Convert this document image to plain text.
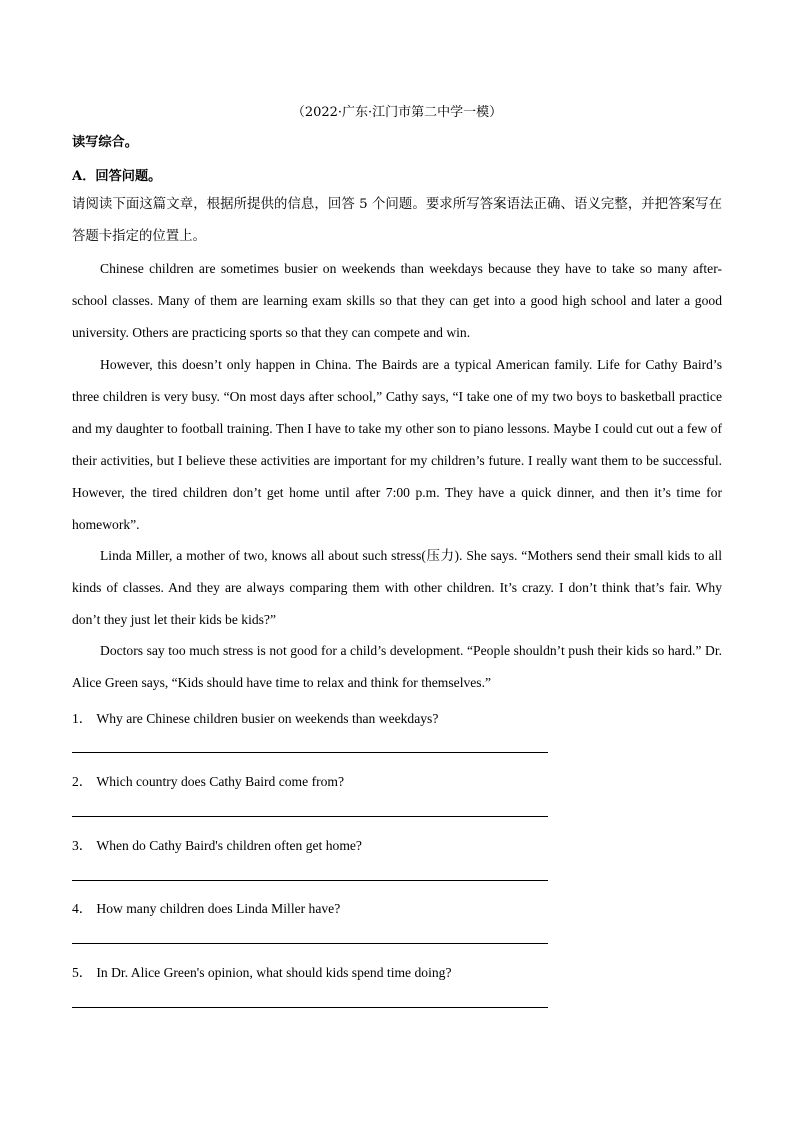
（2022·广东·江门市第二中学一模）
读写综合。
A．回答问题。
请阅读下面这篇文章，根据所提供的信息，回答 5 个问题。要求所写答案语法正确、语义完整，并把答案写在答题卡指定的位置上。
Chinese children are sometimes busier on weekends than weekdays because they have to take so many after-school classes. Many of them are learning exam skills so that they can get into a good high school and later a good university. Others are practicing sports so that they can compete and win.
However, this doesn’t only happen in China. The Bairds are a typical American family. Life for Cathy Baird’s three children is very busy. “On most days after school,” Cathy says, “I take one of my two boys to basketball practice and my daughter to football training. Then I have to take my other son to piano lessons. Maybe I could cut out a few of their activities, but I believe these activities are important for my children’s future. I really want them to be successful. However, the tired children don’t get home until after 7:00 p.m. They have a quick dinner, and then it’s time for homework”.
Linda Miller, a mother of two, knows all about such stress(压力). She says. “Mothers send their small kids to all kinds of classes. And they are always comparing them with other children. It’s crazy. I don’t think that’s fair. Why don’t they just let their kids be kids?”
Doctors say too much stress is not good for a child’s development. “People shouldn’t push their kids so hard.” Dr. Alice Green says, “Kids should have time to relax and think for themselves.”
1． Why are Chinese children busier on weekends than weekdays?
2． Which country does Cathy Baird come from?
3． When do Cathy Baird's children often get home?
4． How many children does Linda Miller have?
5． In Dr. Alice Green's opinion, what should kids spend time doing?
